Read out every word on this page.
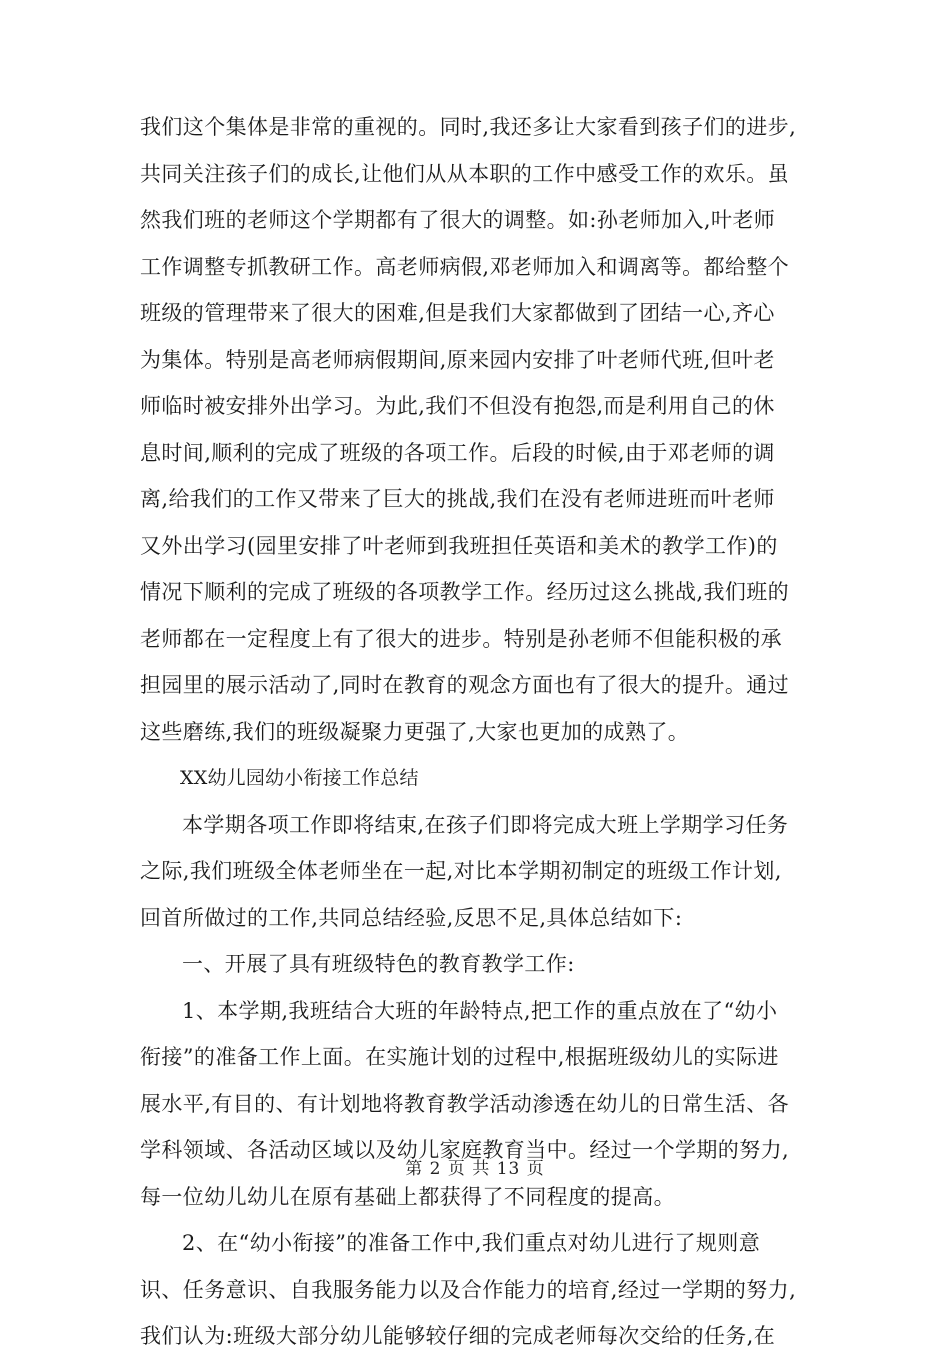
我们这个集体是非常的重视的。同时,我还多让大家看到孩子们的进步,
共同关注孩子们的成长,让他们从从本职的工作中感受工作的欢乐。虽
然我们班的老师这个学期都有了很大的调整。如:孙老师加入,叶老师
工作调整专抓教研工作。高老师病假,邓老师加入和调离等。都给整个
班级的管理带来了很大的困难,但是我们大家都做到了团结一心,齐心
为集体。特别是高老师病假期间,原来园内安排了叶老师代班,但叶老
师临时被安排外出学习。为此,我们不但没有抱怨,而是利用自己的休
息时间,顺利的完成了班级的各项工作。后段的时候,由于邓老师的调
离,给我们的工作又带来了巨大的挑战,我们在没有老师进班而叶老师
又外出学习(园里安排了叶老师到我班担任英语和美术的教学工作)的
情况下顺利的完成了班级的各项教学工作。经历过这么挑战,我们班的
老师都在一定程度上有了很大的进步。特别是孙老师不但能积极的承
担园里的展示活动了,同时在教育的观念方面也有了很大的提升。通过
这些磨练,我们的班级凝聚力更强了,大家也更加的成熟了。
XX幼儿园幼小衔接工作总结
本学期各项工作即将结束,在孩子们即将完成大班上学期学习任务
之际,我们班级全体老师坐在一起,对比本学期初制定的班级工作计划,
回首所做过的工作,共同总结经验,反思不足,具体总结如下:
一、开展了具有班级特色的教育教学工作:
1、本学期,我班结合大班的年龄特点,把工作的重点放在了“幼小
衔接”的准备工作上面。在实施计划的过程中,根据班级幼儿的实际进
展水平,有目的、有计划地将教育教学活动渗透在幼儿的日常生活、各
学科领域、各活动区域以及幼儿家庭教育当中。经过一个学期的努力,
每一位幼儿幼儿在原有基础上都获得了不同程度的提高。
2、在“幼小衔接”的准备工作中,我们重点对幼儿进行了规则意
识、任务意识、自我服务能力以及合作能力的培育,经过一学期的努力,
我们认为:班级大部分幼儿能够较仔细的完成老师每次交给的任务,在
第 2 页 共 13 页
